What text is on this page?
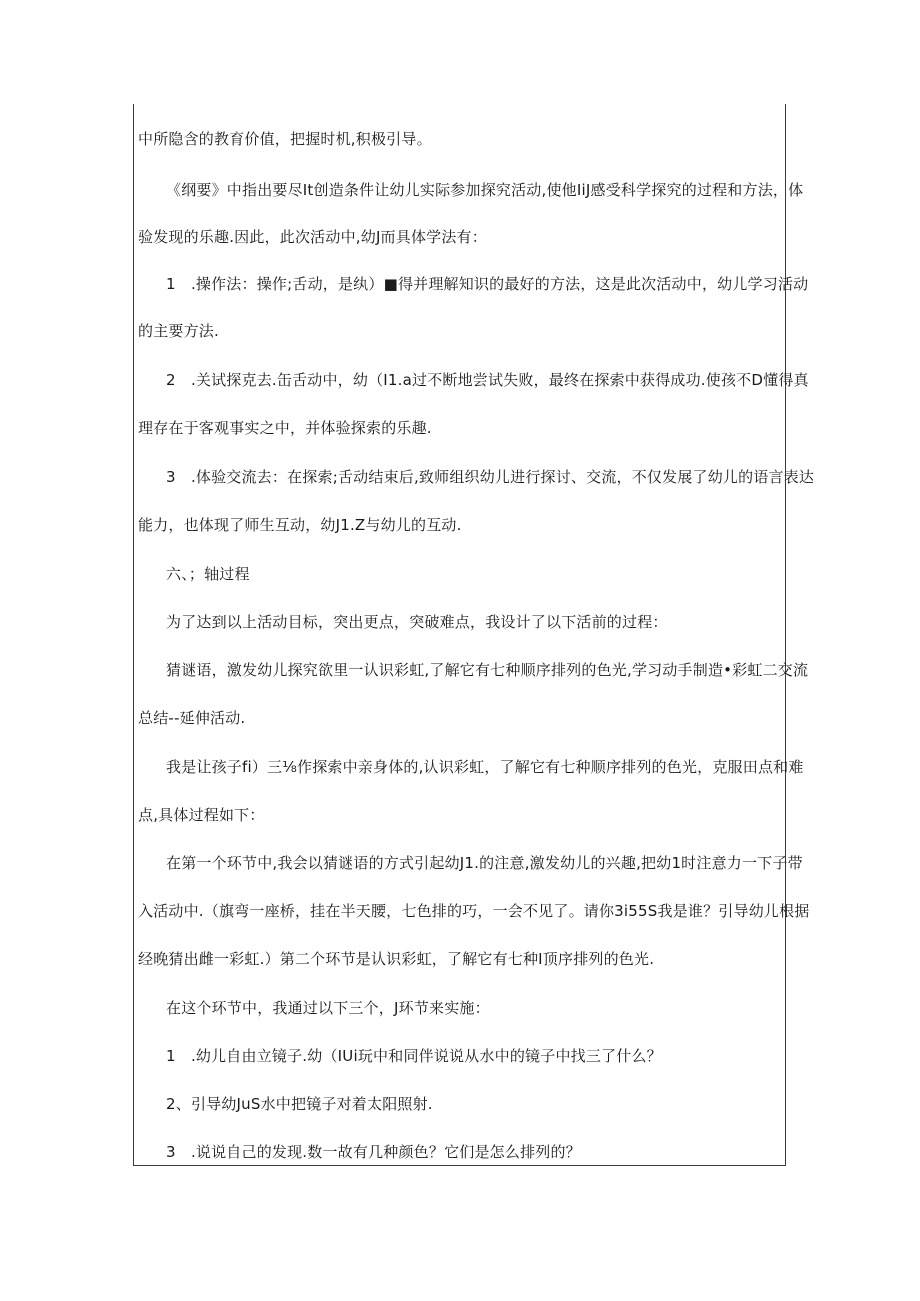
中所隐含的教育价值，把握时机,积极引导。
《纲要》中指出要尽It创造条件让幼儿实际参加探究活动,使他IiJ感受科学探究的过程和方法，体
验发现的乐趣.因此，此次活动中,幼J而具体学法有：
1　.操作法：操作;舌动，是纨）■得并理解知识的最好的方法，这是此次活动中，幼儿学习活动
的主要方法.
2　.关试探克去.缶舌动中，幼（I1.a过不断地尝试失败，最终在探索中获得成功.使孩不D懂得真
理存在于客观事实之中，并体验探索的乐趣.
3　.体验交流去：在探索;舌动结束后,致师组织幼儿进行探讨、交流，不仅发展了幼儿的语言表达
能力，也体现了师生互动，幼J1.Z与幼儿的互动.
六、；轴过程
为了达到以上活动目标，突出更点，突破难点，我设计了以下活前的过程：
猜谜语，激发幼儿探究欲里一认识彩虹,了解它有七种顺序排列的色光,学习动手制造•彩虹二交流
总结--延伸活动.
我是让孩子fi）三⅛作探索中亲身体的,认识彩虹，了解它有七种顺序排列的色光，克服田点和难
点,具体过程如下：
在第一个环节中,我会以猜谜语的方式引起幼J1.的注意,激发幼儿的兴趣,把幼1时注意力一下子带
入活动中.（旗弯一座桥，挂在半天腰，七色排的巧，一会不见了。请你3i55S我是谁？引导幼儿根据
经晚猜出雌一彩虹.）第二个环节是认识彩虹，了解它有七种I顶序排列的色光.
在这个环节中，我通过以下三个，J环节来实施：
1　.幼儿自由立镜子.幼（IUi玩中和同伴说说从水中的镜子中找三了什么？
2、引导幼JuS水中把镜子对着太阳照射.
3　.说说自己的发现.数一故有几种颜色？它们是怎么排列的？
